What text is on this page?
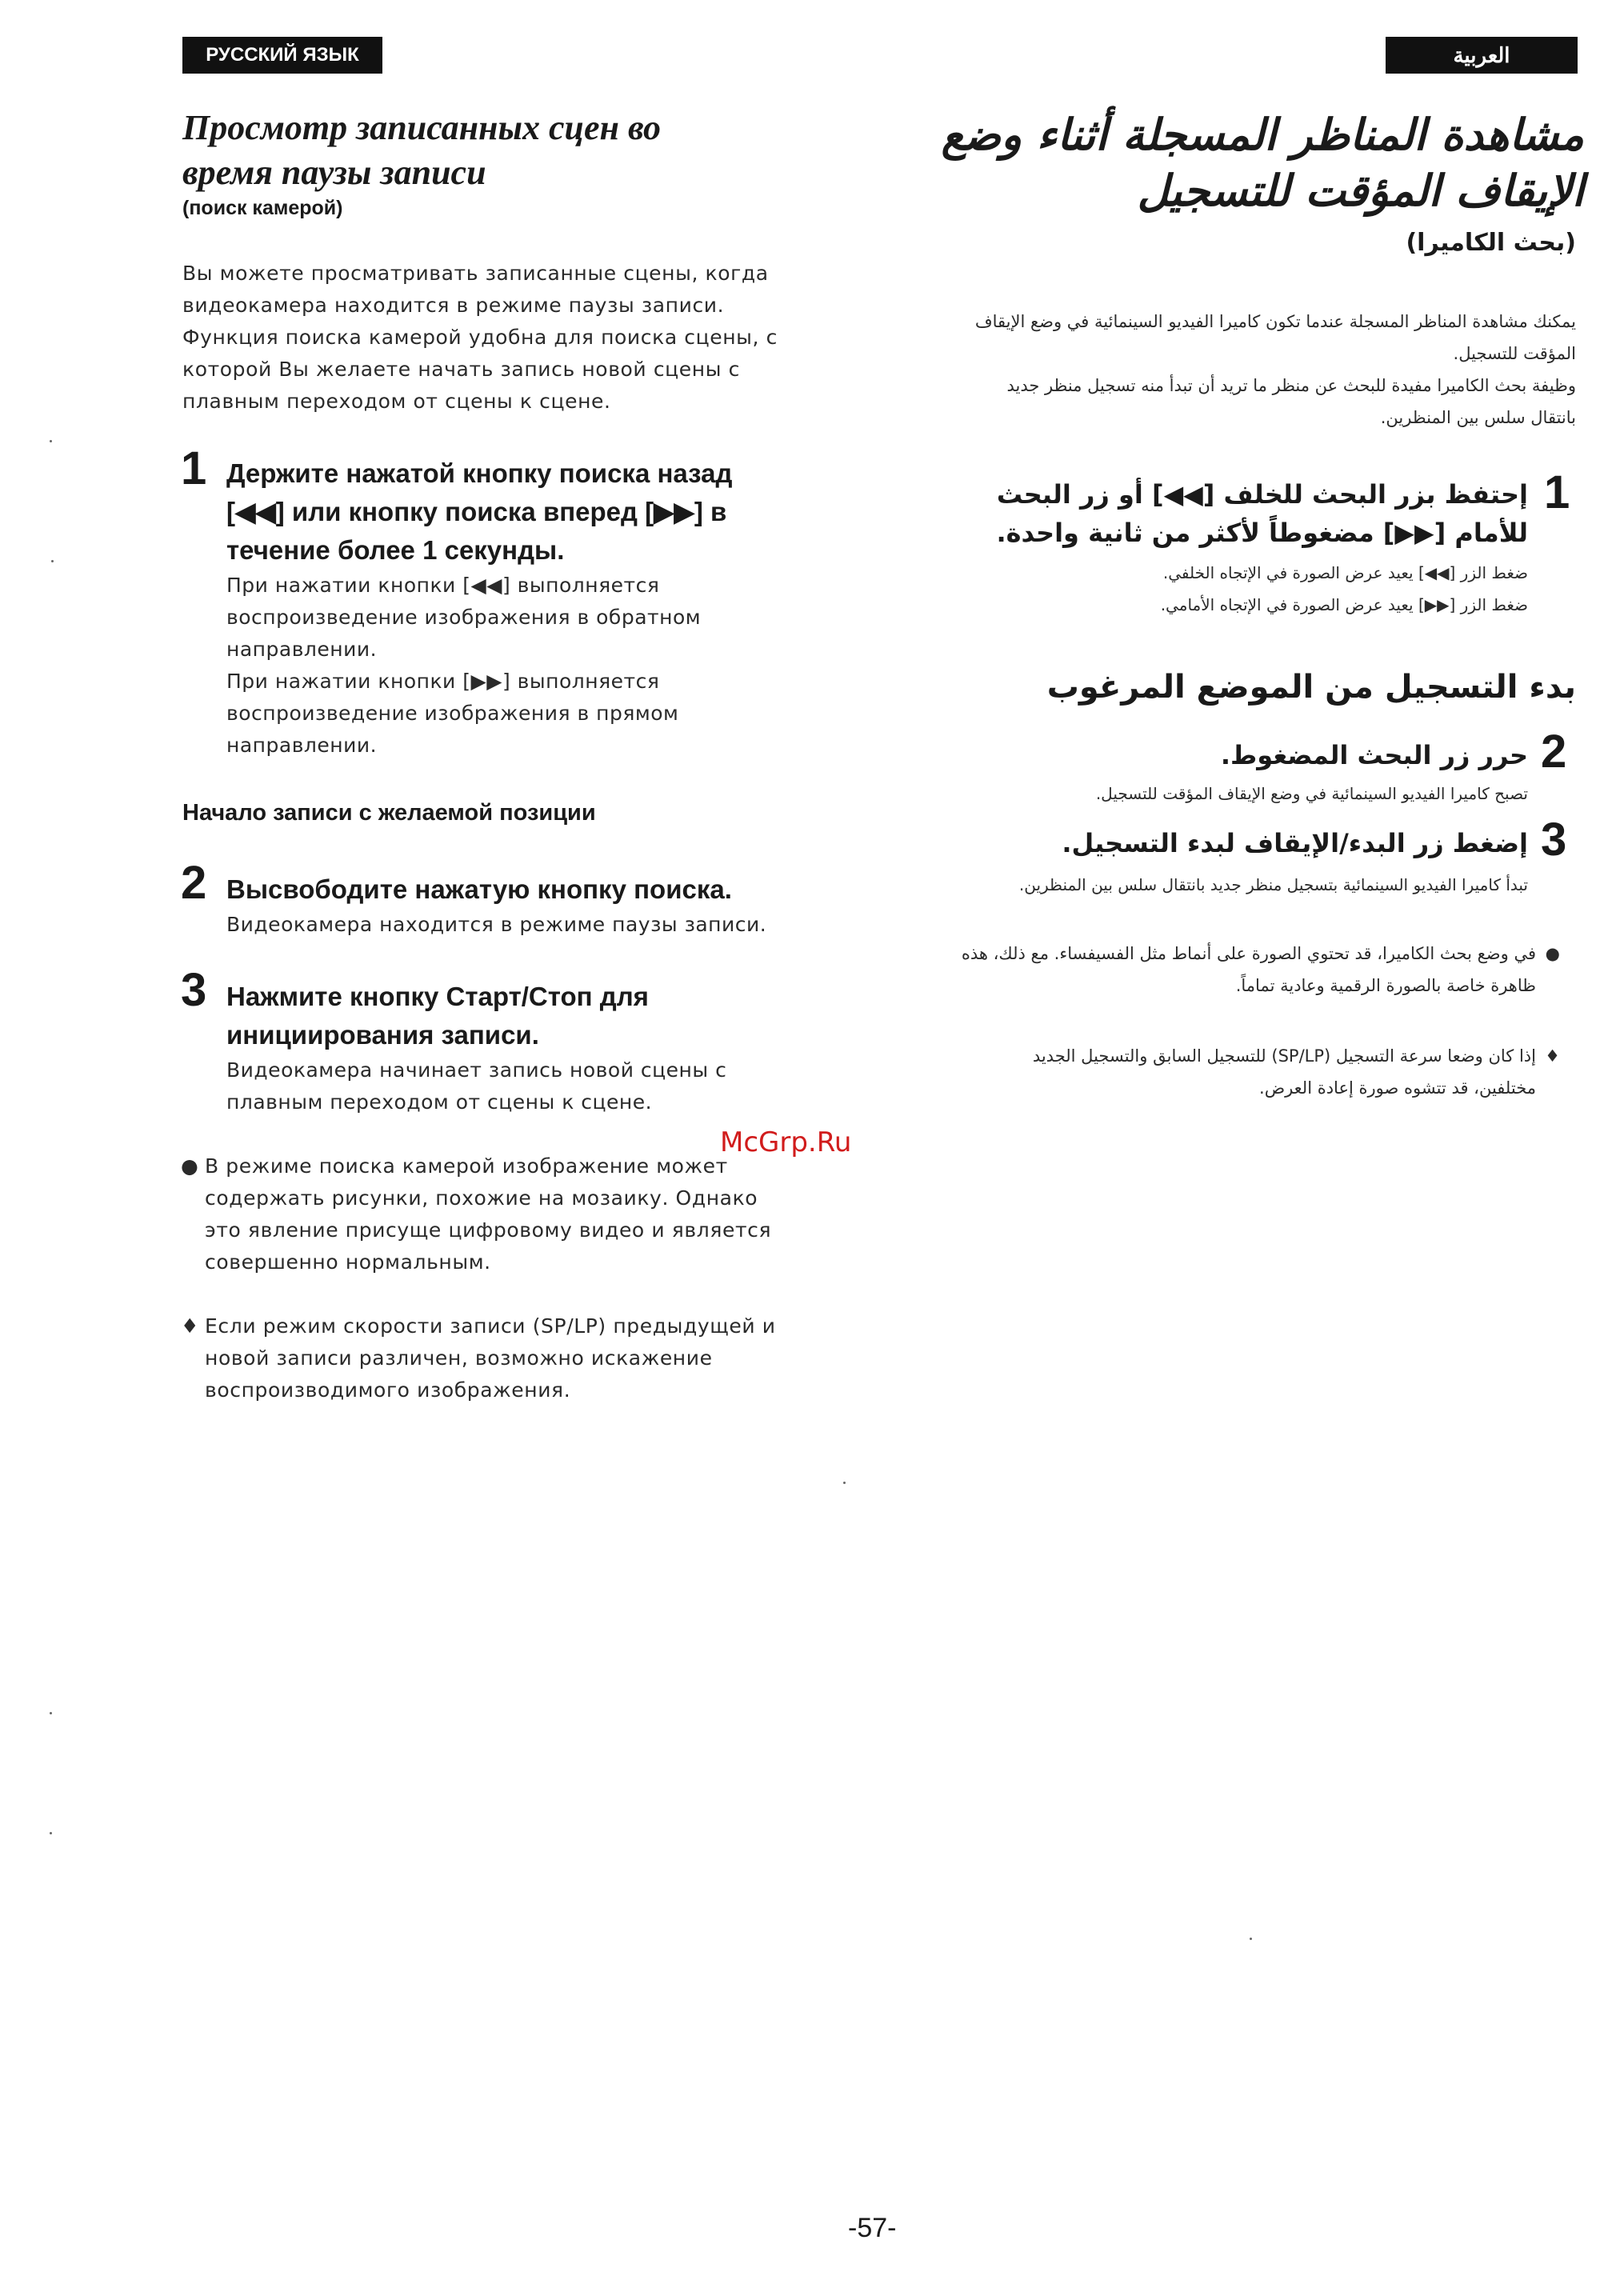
РУССКИЙ ЯЗЫК	العربية
Просмотр записанных сцен во
время паузы записи
(поиск камерой)
Вы можете просматривать записанные сцены, когда
видеокамера находится в режиме паузы записи.
Функция поиска камерой удобна для поиска сцены, с
которой Вы желаете начать запись новой сцены с
плавным переходом от сцены к сцене.
1 Держите нажатой кнопку поиска назад
[◀◀] или кнопку поиска вперед [▶▶] в
течение более 1 секунды.
При нажатии кнопки [◀◀] выполняется
воспроизведение изображения в обратном
направлении.
При нажатии кнопки [▶▶] выполняется
воспроизведение изображения в прямом
направлении.
Начало записи с желаемой позиции
2 Высвободите нажатую кнопку поиска.
Видеокамера находится в режиме паузы записи.
3 Нажмите кнопку Старт/Стоп для
инициирования записи.
Видеокамера начинает запись новой сцены с
плавным переходом от сцены к сцене.
● В режиме поиска камерой изображение может
содержать рисунки, похожие на мозаику. Однако
это явление присуще цифровому видео и является
совершенно нормальным.
♦ Если режим скорости записи (SP/LP) предыдущей и
новой записи различен, возможно искажение
воспроизводимого изображения.
McGrp.Ru
مشاهدة المناظر المسجلة أثناء وضع
الإيقاف المؤقت للتسجيل
(بحث الكاميرا)
يمكنك مشاهدة المناظر المسجلة عندما تكون كاميرا الفيديو السينمائية في وضع الإيقاف
المؤقت للتسجيل.
وظيفة بحث الكاميرا مفيدة للبحث عن منظر ما تريد أن تبدأ منه تسجيل منظر جديد
بانتقال سلس بين المنظرين.
1
إحتفظ بزر البحث للخلف [◀◀] أو زر البحث
للأمام [▶▶] مضغوطاً لأكثر من ثانية واحدة.
ضغط الزر [◀◀] يعيد عرض الصورة في الإتجاه الخلفي.
ضغط الزر [▶▶] يعيد عرض الصورة في الإتجاه الأمامي.
بدء التسجيل من الموضع المرغوب
2
حرر زر البحث المضغوط.
تصبح كاميرا الفيديو السينمائية في وضع الإيقاف المؤقت للتسجيل.
3
إضغط زر البدء/الإيقاف لبدء التسجيل.
تبدأ كاميرا الفيديو السينمائية بتسجيل منظر جديد بانتقال سلس بين المنظرين.
●
في وضع بحث الكاميرا، قد تحتوي الصورة على أنماط مثل الفسيفساء. مع ذلك، هذه
ظاهرة خاصة بالصورة الرقمية وعادية تماماً.
♦
إذا كان وضعا سرعة التسجيل (SP/LP) للتسجيل السابق والتسجيل الجديد
مختلفين، قد تتشوه صورة إعادة العرض.
-57-
